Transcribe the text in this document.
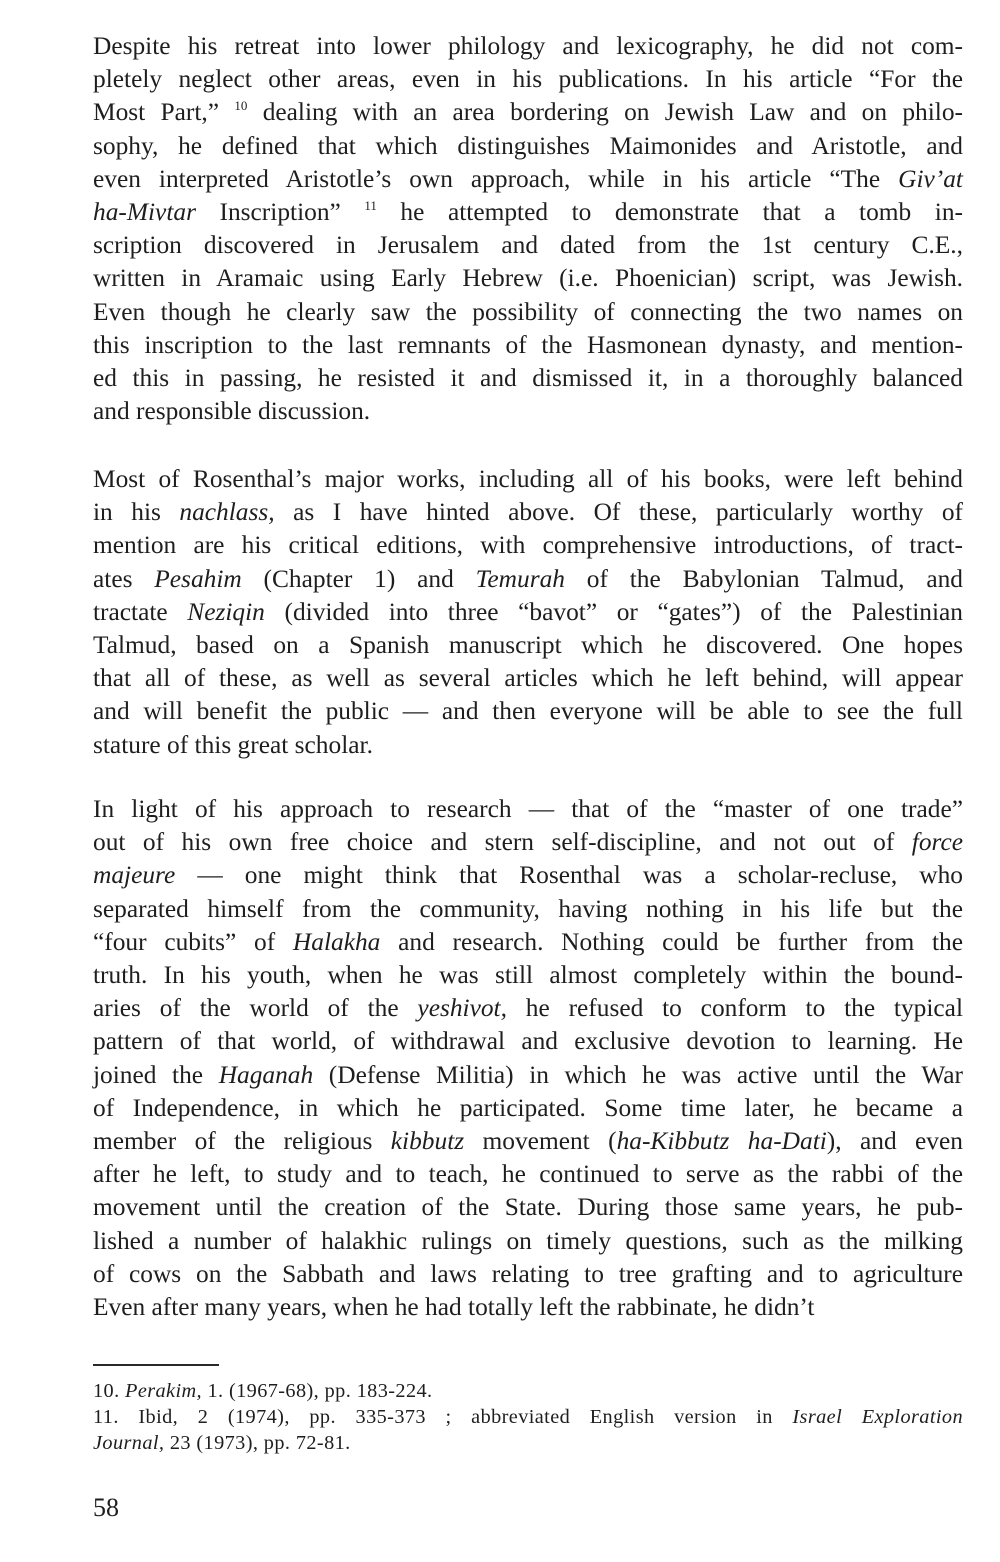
Despite his retreat into lower philology and lexicography, he did not com-
pletely neglect other areas, even in his publications. In his article “For the
Most Part,” $^{10}$ dealing with an area bordering on Jewish Law and on philo-
sophy, he defined that which distinguishes Maimonides and Aristotle, and
even interpreted Aristotle’s own approach, while in his article “The Giv’at
ha-Mivtar Inscription” $^{11}$ he attempted to demonstrate that a tomb in-
scription discovered in Jerusalem and dated from the 1st century C.E.,
written in Aramaic using Early Hebrew (i.e. Phoenician) script, was Jewish.
Even though he clearly saw the possibility of connecting the two names on
this inscription to the last remnants of the Hasmonean dynasty, and mention-
ed this in passing, he resisted it and dismissed it, in a thoroughly balanced
and responsible discussion.
Most of Rosenthal’s major works, including all of his books, were left behind
in his nachlass, as I have hinted above. Of these, particularly worthy of
mention are his critical editions, with comprehensive introductions, of tract-
ates Pesahim (Chapter 1) and Temurah of the Babylonian Talmud, and
tractate Neziqin (divided into three “bavot” or “gates”) of the Palestinian
Talmud, based on a Spanish manuscript which he discovered. One hopes
that all of these, as well as several articles which he left behind, will appear
and will benefit the public — and then everyone will be able to see the full
stature of this great scholar.
In light of his approach to research — that of the “master of one trade”
out of his own free choice and stern self-discipline, and not out of force
majeure — one might think that Rosenthal was a scholar-recluse, who
separated himself from the community, having nothing in his life but the
“four cubits” of Halakha and research. Nothing could be further from the
truth. In his youth, when he was still almost completely within the bound-
aries of the world of the yeshivot, he refused to conform to the typical
pattern of that world, of withdrawal and exclusive devotion to learning. He
joined the Haganah (Defense Militia) in which he was active until the War
of Independence, in which he participated. Some time later, he became a
member of the religious kibbutz movement (ha-Kibbutz ha-Dati), and even
after he left, to study and to teach, he continued to serve as the rabbi of the
movement until the creation of the State. During those same years, he pub-
lished a number of halakhic rulings on timely questions, such as the milking
of cows on the Sabbath and laws relating to tree grafting and to agriculture
Even after many years, when he had totally left the rabbinate, he didn’t
10. Perakim, 1. (1967-68), pp. 183-224.
11. Ibid, 2 (1974), pp. 335-373 ; abbreviated English version in Israel Exploration
Journal, 23 (1973), pp. 72-81.
58
